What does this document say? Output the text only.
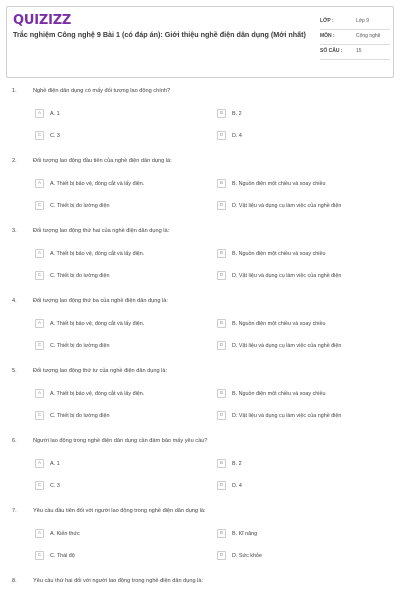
QUIZIZZ
Trắc nghiệm Công nghệ 9 Bài 1 (có đáp án): Giới thiệu nghề điện dân dụng (Mới nhất)
LỚP :	Lớp 9
MÔN :	Công nghệ
SỐ CÂU :	15
1.	Nghề điện dân dụng có mấy đối tượng lao động chính?
A	A. 1	B	B. 2
C	C. 3	D	D. 4
2.	Đối tượng lao động đầu tiên của nghề điện dân dụng là:
A	A. Thiết bị bảo vệ, đóng cắt và lấy điện.	B	B. Nguồn điện một chiều và xoay chiều
C	C. Thiết bị đo lường điện	D	D. Vật liệu và dụng cụ làm việc của nghề điện
3.	Đối tượng lao động thứ hai của nghề điện dân dụng là:
A	A. Thiết bị bảo vệ, đóng cắt và lấy điện.	B	B. Nguồn điện một chiều và xoay chiều
C	C. Thiết bị đo lường điện	D	D. Vật liệu và dụng cụ làm việc của nghề điện
4.	Đối tượng lao động thứ ba của nghề điện dân dụng là:
A	A. Thiết bị bảo vệ, đóng cắt và lấy điện.	B	B. Nguồn điện một chiều và xoay chiều
C	C. Thiết bị đo lường điện	D	D. Vật liệu và dụng cụ làm việc của nghề điện
5.	Đối tượng lao động thứ tư của nghề điện dân dụng là:
A	A. Thiết bị bảo vệ, đóng cắt và lấy điện.	B	B. Nguồn điện một chiều và xoay chiều
C	C. Thiết bị đo lường điện	D	D. Vật liệu và dụng cụ làm việc của nghề điện
6.	Người lao động trong nghề điện dân dụng cần đảm bảo mấy yêu cầu?
A	A. 1	B	B. 2
C	C. 3	D	D. 4
7.	Yêu cầu đầu tiên đối với người lao động trong nghề điện dân dụng là:
A	A. Kiến thức	B	B. Kĩ năng
C	C. Thái độ	D	D. Sức khỏe
8.	Yêu cầu thứ hai đối với người lao động trong nghề điện dân dụng là:
